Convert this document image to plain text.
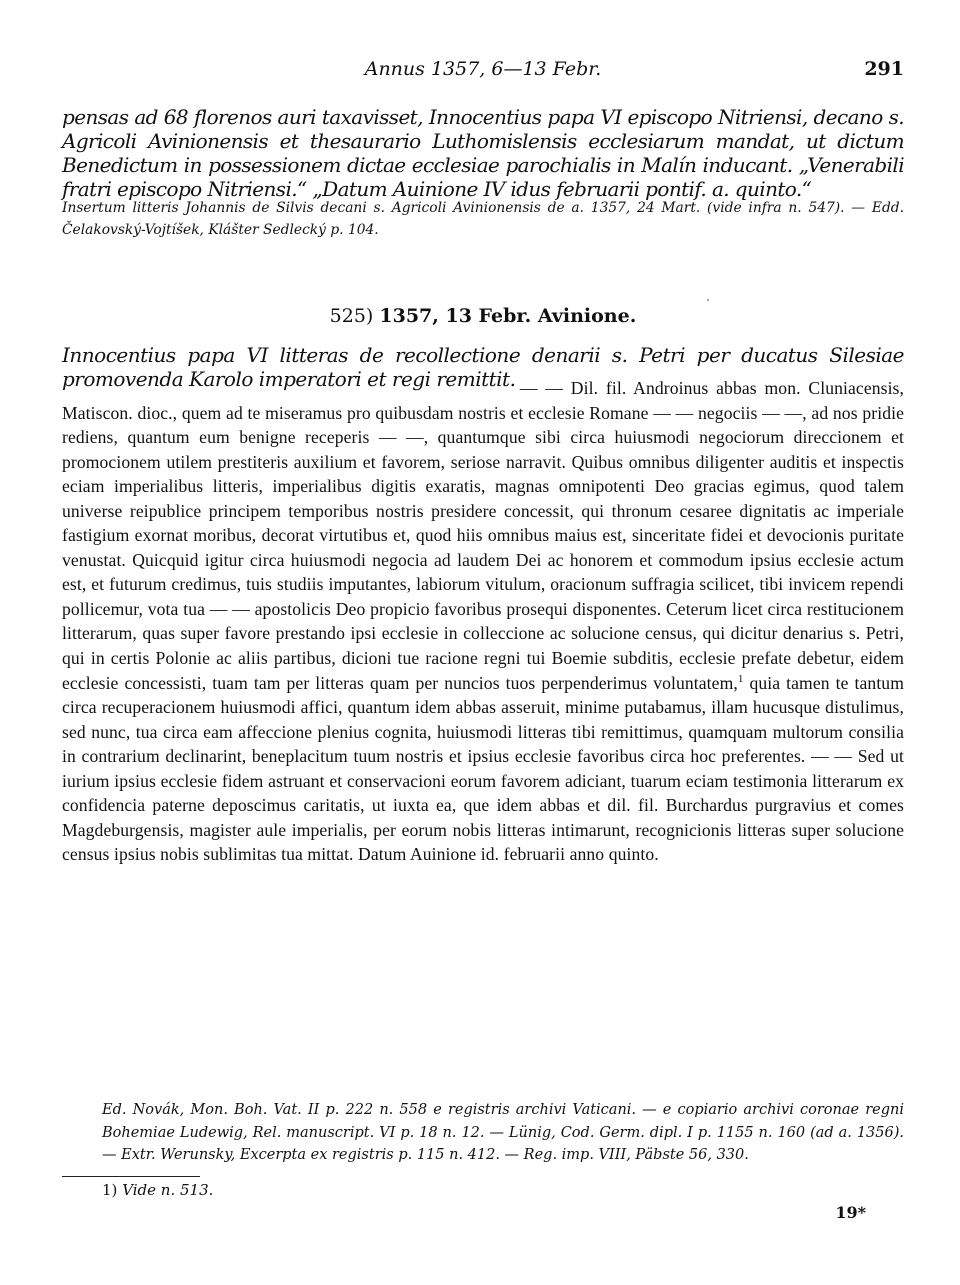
Annus 1357, 6—13 Febr.	291
pensas ad 68 florenos auri taxavisset, Innocentius papa VI episcopo Nitriensi, decano s. Agricoli Avinionensis et thesaurario Luthomislensis ecclesiarum mandat, ut dictum Benedictum in possessionem dictae ecclesiae parochialis in Malín inducant. „Venerabili fratri episcopo Nitriensi.“ „Datum Auinione IV idus februarii pontif. a. quinto.“
Insertum litteris Johannis de Silvis decani s. Agricoli Avinionensis de a. 1357, 24 Mart. (vide infra n. 547). — Edd. Čelakovský-Vojtíšek, Klášter Sedlecký p. 104.
525) 1357, 13 Febr. Avinione.
Innocentius papa VI litteras de recollectione denarii s. Petri per ducatus Silesiae promovenda Karolo imperatori et regi remittit. — — Dil. fil. Androinus abbas mon. Cluniacensis, Matiscon. dioc., quem ad te miseramus pro quibusdam nostris et ecclesie Romane — — negociis — —, ad nos pridie rediens, quantum eum benigne receperis — —, quantumque sibi circa huiusmodi negociorum direccionem et promocionem utilem prestiteris auxilium et favorem, seriose narravit. Quibus omnibus diligenter auditis et inspectis eciam imperialibus litteris, imperialibus digitis exaratis, magnas omnipotenti Deo gracias egimus, quod talem universe reipublice principem temporibus nostris presidere concessit, qui thronum cesaree dignitatis ac imperiale fastigium exornat moribus, decorat virtutibus et, quod hiis omnibus maius est, sinceritate fidei et devocionis puritate venustat. Quicquid igitur circa huiusmodi negocia ad laudem Dei ac honorem et commodum ipsius ecclesie actum est, et futurum credimus, tuis studiis imputantes, labiorum vitulum, oracionum suffragia scilicet, tibi invicem rependi pollicemur, vota tua — — apostolicis Deo propicio favoribus prosequi disponentes. Ceterum licet circa restitucionem litterarum, quas super favore prestando ipsi ecclesie in colleccione ac solucione census, qui dicitur denarius s. Petri, qui in certis Polonie ac aliis partibus, dicioni tue racione regni tui Boemie subditis, ecclesie prefate debetur, eidem ecclesie concessisti, tuam tam per litteras quam per nuncios tuos perpenderimus voluntatem,$^1$ quia tamen te tantum circa recuperacionem huiusmodi affici, quantum idem abbas asseruit, minime putabamus, illam hucusque distulimus, sed nunc, tua circa eam affeccione plenius cognita, huiusmodi litteras tibi remittimus, quamquam multorum consilia in contrarium declinarint, beneplacitum tuum nostris et ipsius ecclesie favoribus circa hoc preferentes. — — Sed ut iurium ipsius ecclesie fidem astruant et conservacioni eorum favorem adiciant, tuarum eciam testimonia litterarum ex confidencia paterne deposcimus caritatis, ut iuxta ea, que idem abbas et dil. fil. Burchardus purgravius et comes Magdeburgensis, magister aule imperialis, per eorum nobis litteras intimarunt, recognicionis litteras super solucione census ipsius nobis sublimitas tua mittat. Datum Auinione id. februarii anno quinto.
Ed. Novák, Mon. Boh. Vat. II p. 222 n. 558 e registris archivi Vaticani. — e copiario archivi coronae regni Bohemiae Ludewig, Rel. manuscript. VI p. 18 n. 12. — Lünig, Cod. Germ. dipl. I p. 1155 n. 160 (ad a. 1356). — Extr. Werunsky, Excerpta ex registris p. 115 n. 412. — Reg. imp. VIII, Päbste 56, 330.
1) Vide n. 513.
19*
